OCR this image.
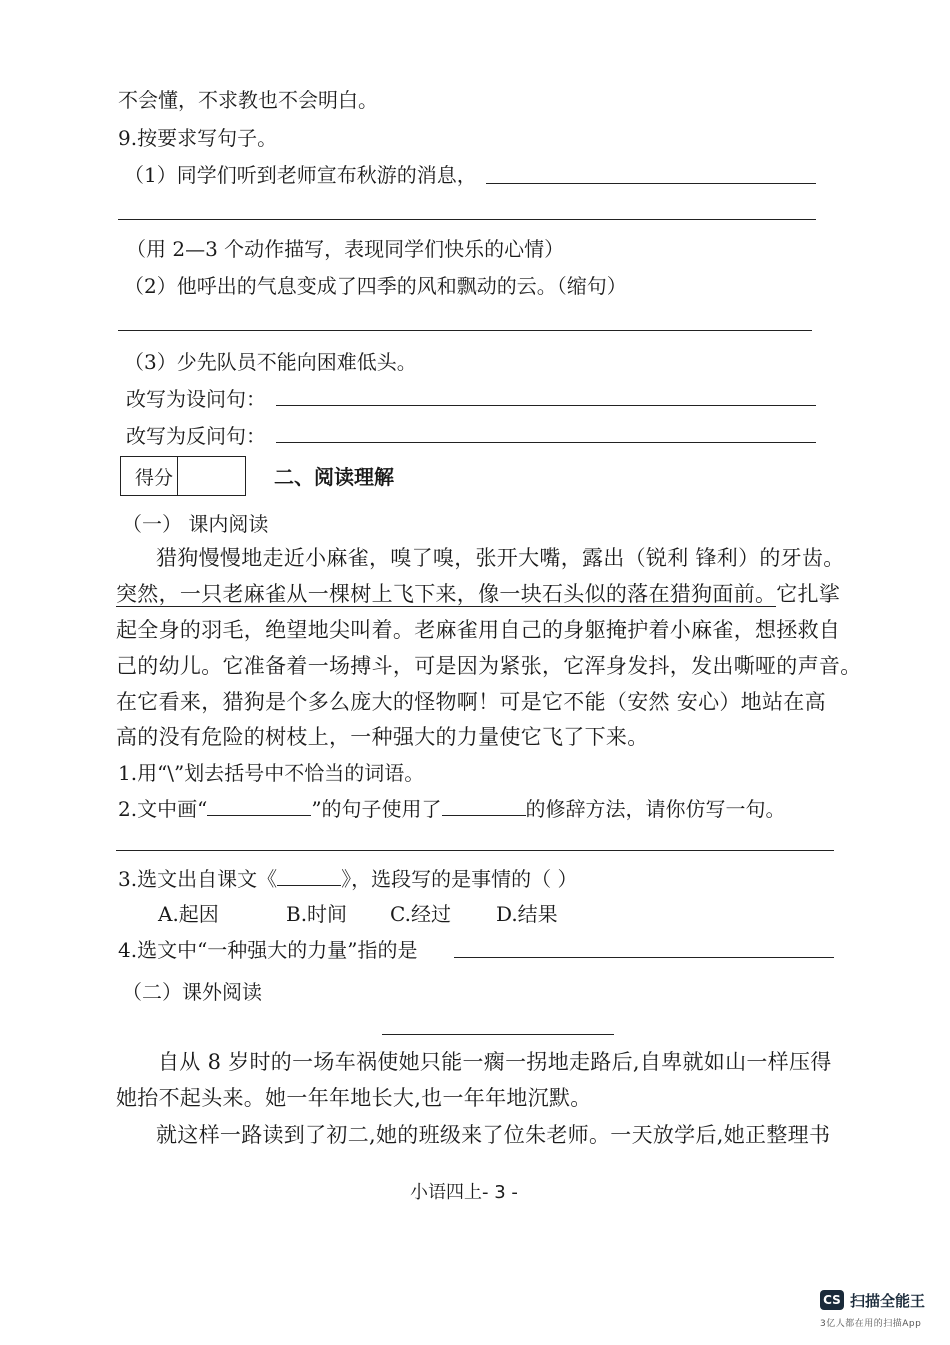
不会懂，不求教也不会明白。
9.按要求写句子。
（1）同学们听到老师宣布秋游的消息，
（用 2—3 个动作描写，表现同学们快乐的心情）
（2）他呼出的气息变成了四季的风和飘动的云。（缩句）
（3）少先队员不能向困难低头。
改写为设问句：
改写为反问句：
得分	二、阅读理解
（一） 课内阅读
猎狗慢慢地走近小麻雀，嗅了嗅，张开大嘴，露出（锐利 锋利）的牙齿。
突然，一只老麻雀从一棵树上飞下来，像一块石头似的落在猎狗面前。它扎挲
起全身的羽毛，绝望地尖叫着。老麻雀用自己的身躯掩护着小麻雀，想拯救自
己的幼儿。它准备着一场搏斗，可是因为紧张，它浑身发抖，发出嘶哑的声音。
在它看来，猎狗是个多么庞大的怪物啊！可是它不能（安然 安心）地站在高
高的没有危险的树枝上，一种强大的力量使它飞了下来。
1.用“\”划去括号中不恰当的词语。
2.文中画“	”的句子使用了	的修辞方法，请你仿写一句。
3.选文出自课文《	》，选段写的是事情的（ ）
A.起因	B.时间 C.经过 D.结果
4.选文中“一种强大的力量”指的是
（二）课外阅读
自从 8 岁时的一场车祸使她只能一瘸一拐地走路后,自卑就如山一样压得
她抬不起头来。她一年年地长大,也一年年地沉默。
就这样一路读到了初二,她的班级来了位朱老师。一天放学后,她正整理书
小语四上- 3 -
CS 扫描全能王
3亿人都在用的扫描App
